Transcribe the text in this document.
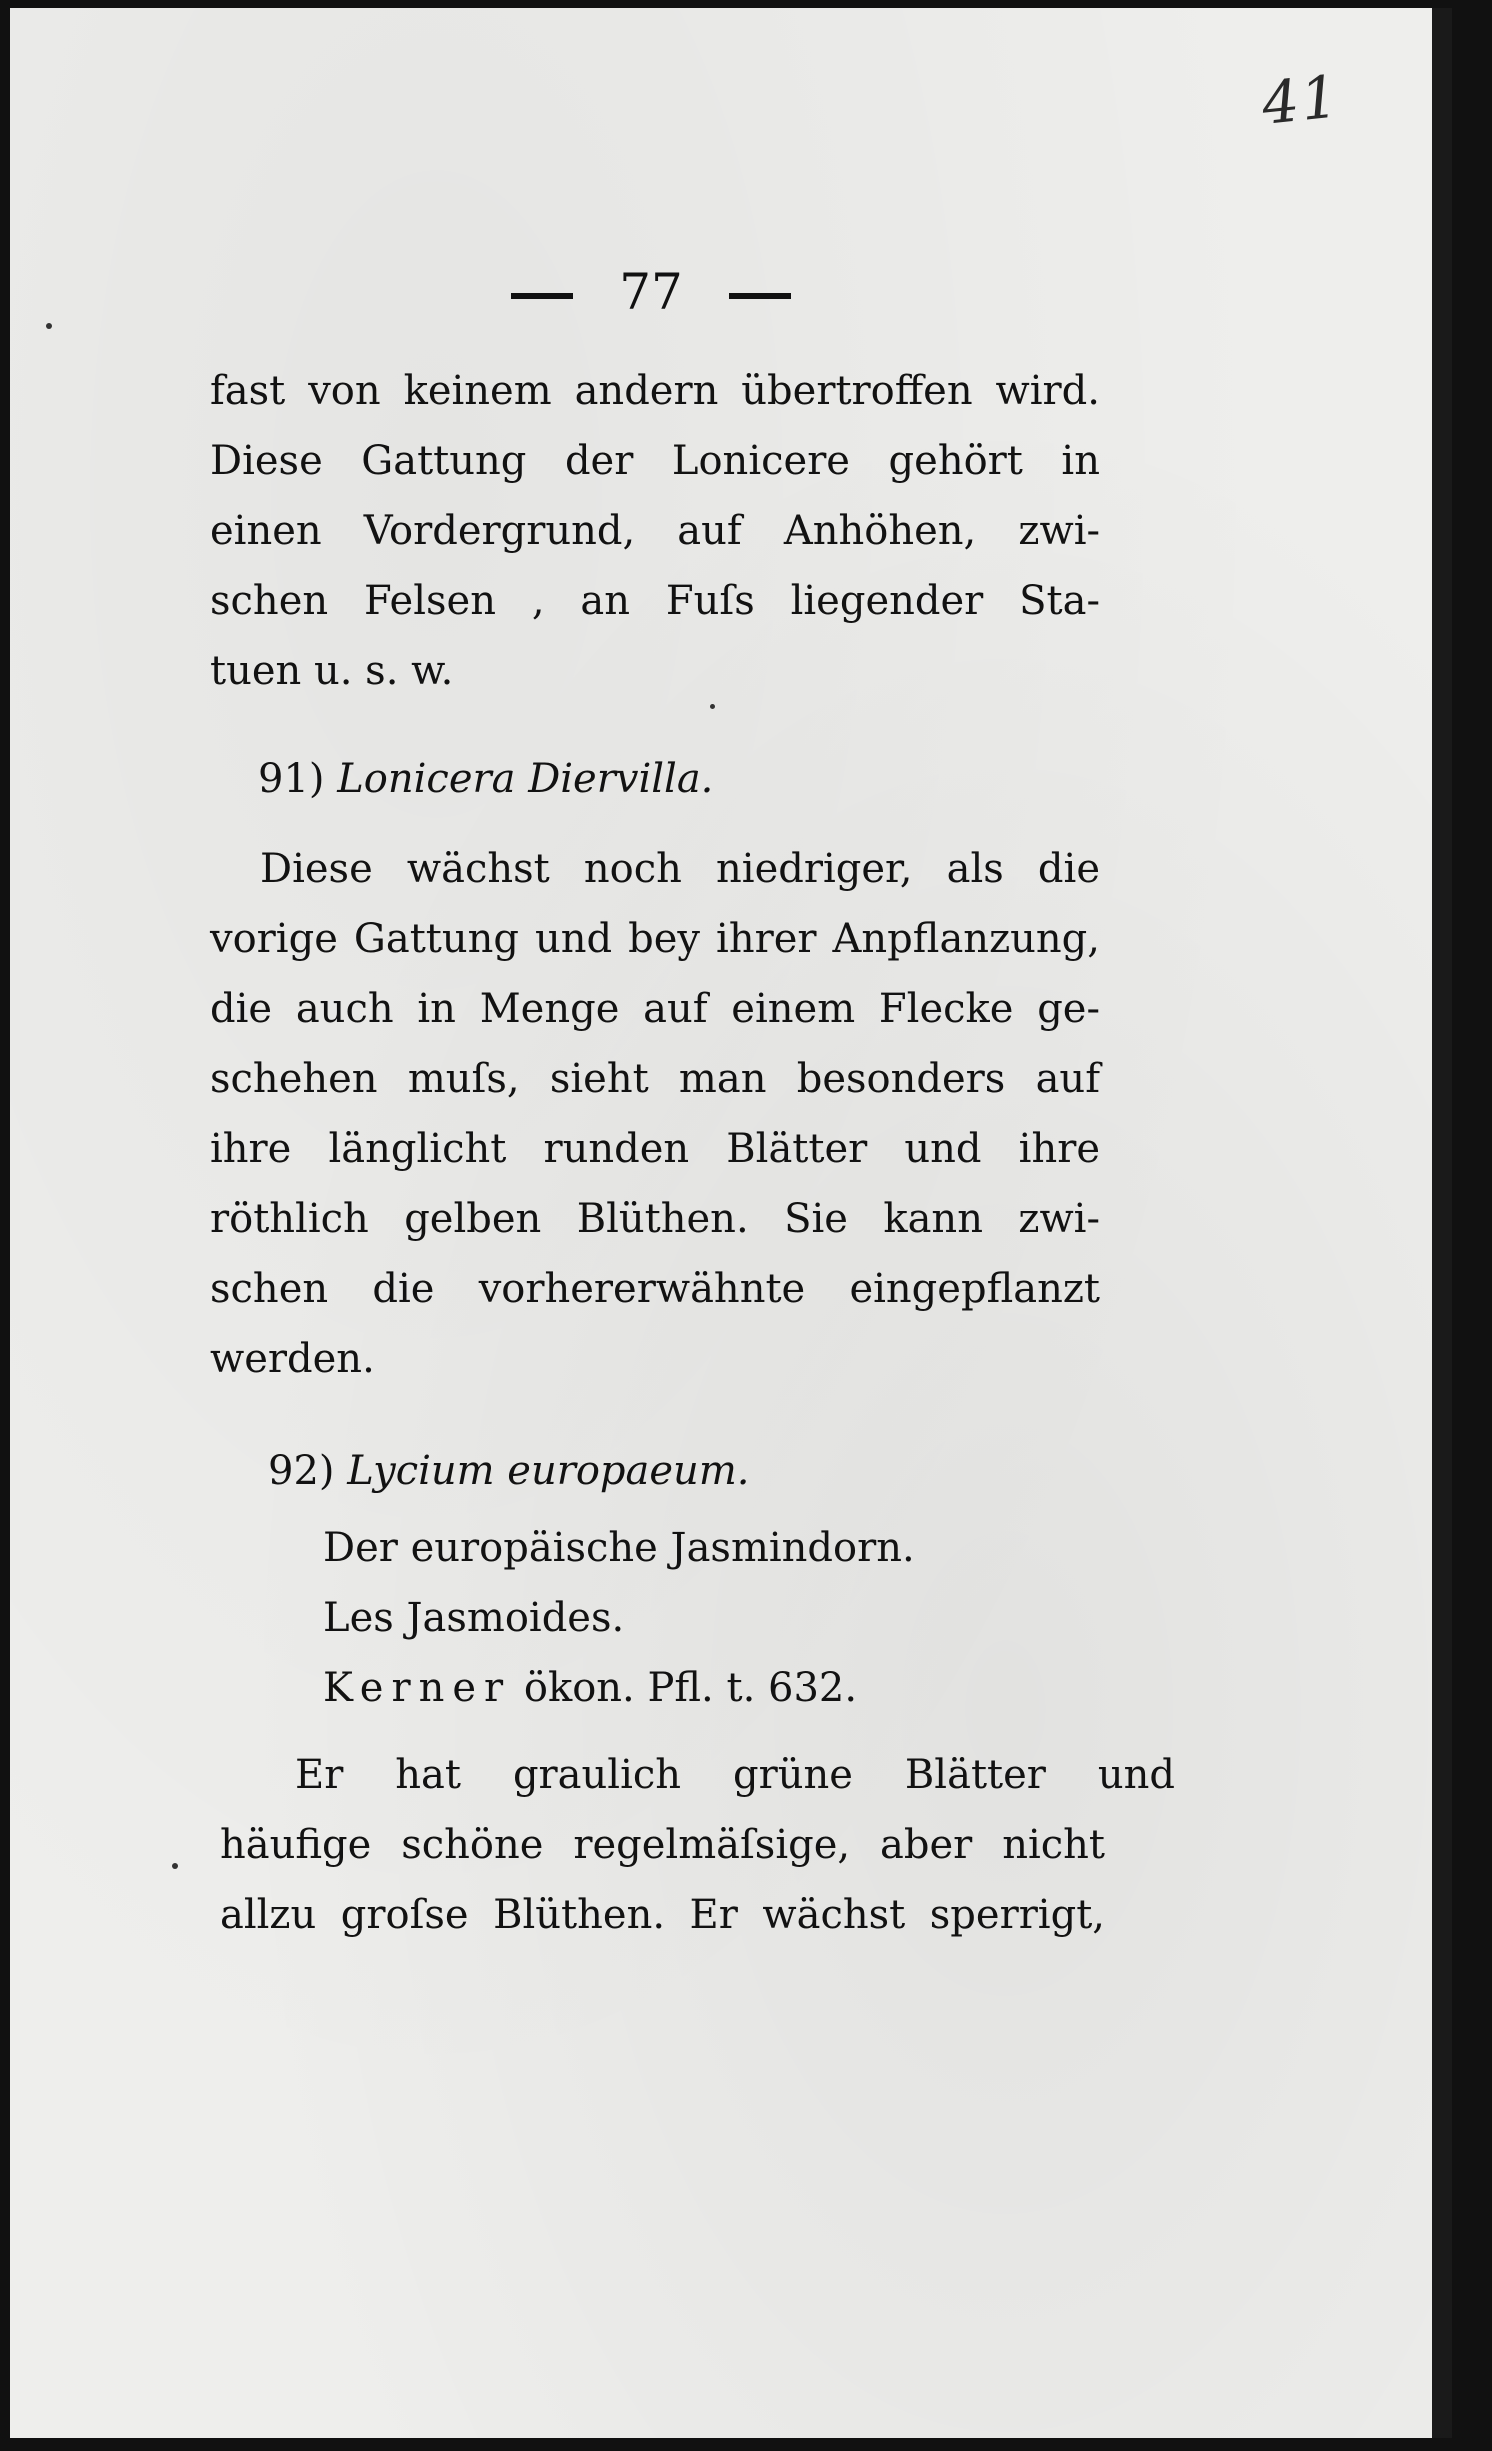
41
77
fast von keinem andern übertroffen wird.
Diese Gattung der Lonicere gehört in
einen Vordergrund, auf Anhöhen, zwi-
schen Felsen , an Fuſs liegender Sta-
tuen u. s. w.
91) Lonicera Diervilla.
Diese wächst noch niedriger, als die
vorige Gattung und bey ihrer Anpflanzung,
die auch in Menge auf einem Flecke ge-
schehen muſs, sieht man besonders auf
ihre länglicht runden Blätter und ihre
röthlich gelben Blüthen. Sie kann zwi-
schen die vorhererwähnte eingepflanzt
werden.
92) Lycium europaeum.
Der europäische Jasmindorn.
Les Jasmoides.
Kerner ökon. Pfl. t. 632.
Er hat graulich grüne Blätter und
häufige schöne regelmäſsige, aber nicht
allzu groſse Blüthen. Er wächst sperrigt,
